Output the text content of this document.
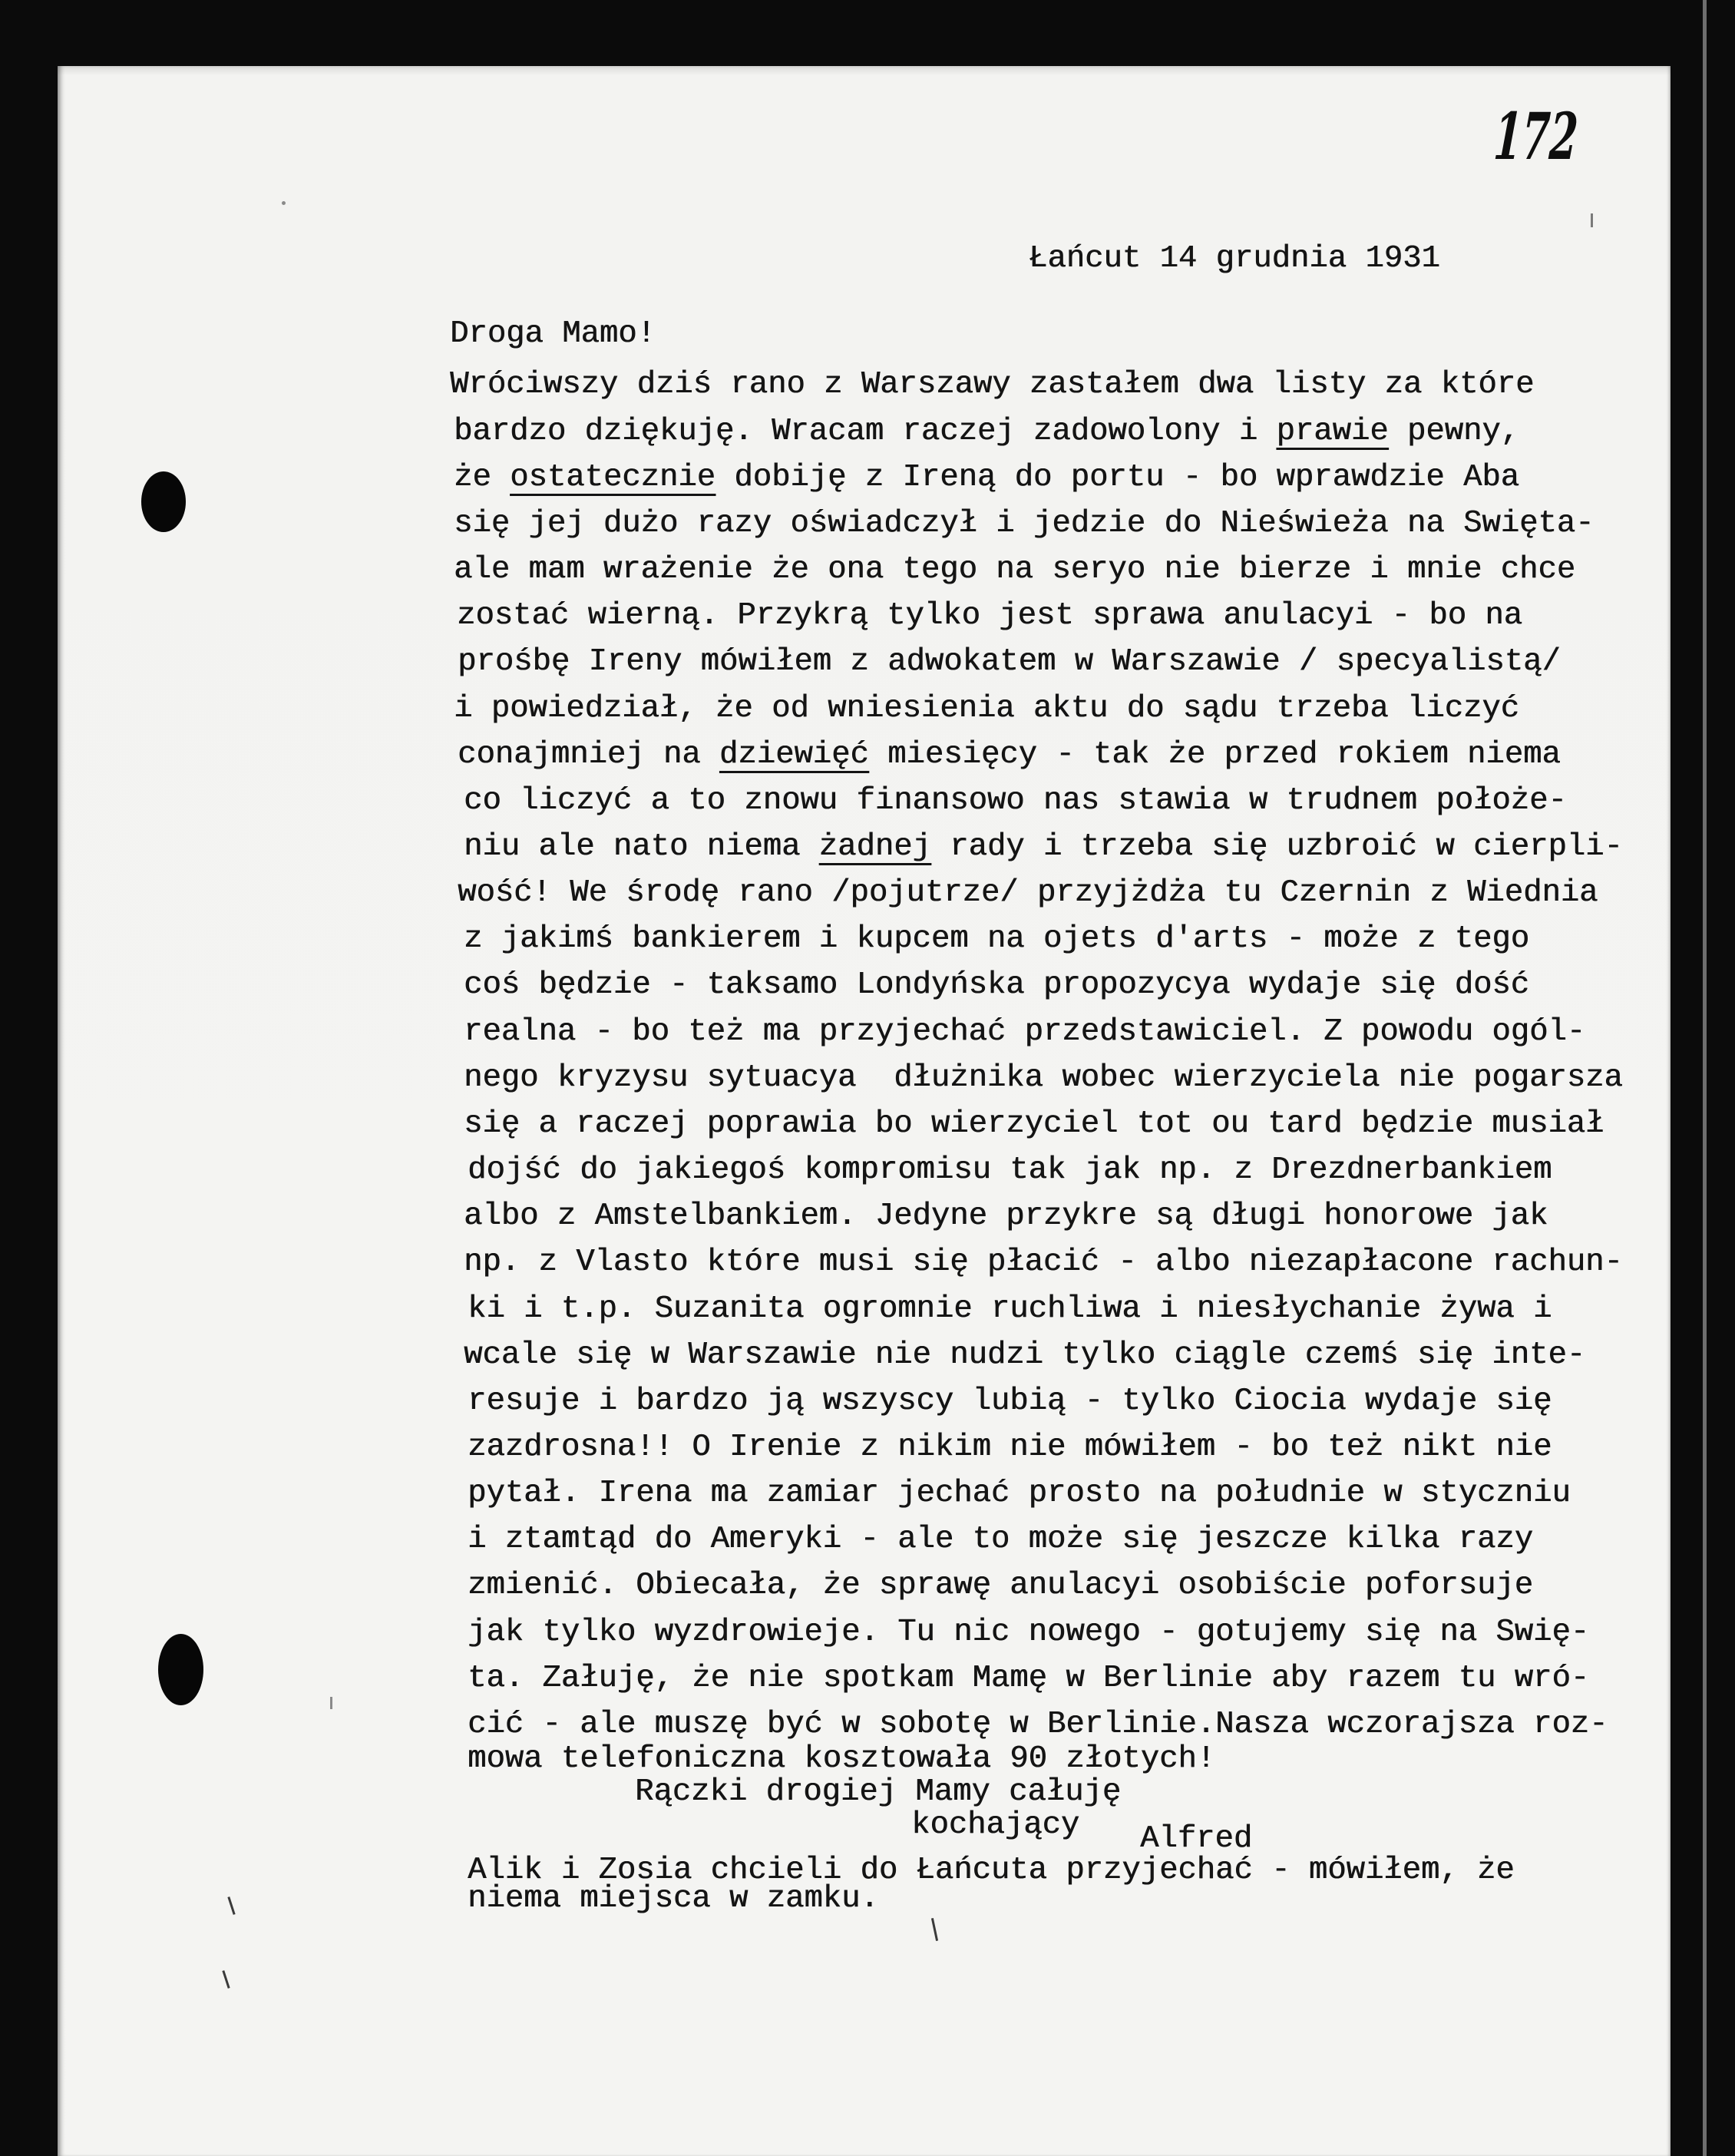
172
Łańcut 14 grudnia 1931
Droga Mamo!
Wróciwszy dziś rano z Warszawy zastałem dwa listy za które
bardzo dziękuję. Wracam raczej zadowolony i prawie pewny,
że ostatecznie dobiję z Ireną do portu - bo wprawdzie Aba
się jej dużo razy oświadczył i jedzie do Nieświeża na Swięta-
ale mam wrażenie że ona tego na seryo nie bierze i mnie chce
zostać wierną. Przykrą tylko jest sprawa anulacyi - bo na
prośbę Ireny mówiłem z adwokatem w Warszawie / specyalistą/
i powiedział, że od wniesienia aktu do sądu trzeba liczyć
conajmniej na dziewięć miesięcy - tak że przed rokiem niema
co liczyć a to znowu finansowo nas stawia w trudnem położe-
niu ale nato niema żadnej rady i trzeba się uzbroić w cierpli-
wość! We środę rano /pojutrze/ przyjżdża tu Czernin z Wiednia
z jakimś bankierem i kupcem na ojets d'arts - może z tego
coś będzie - taksamo Londyńska propozycya wydaje się dość
realna - bo też ma przyjechać przedstawiciel. Z powodu ogól-
nego kryzysu sytuacya  dłużnika wobec wierzyciela nie pogarsza
się a raczej poprawia bo wierzyciel tot ou tard będzie musiał
dojść do jakiegoś kompromisu tak jak np. z Drezdnerbankiem
albo z Amstelbankiem. Jedyne przykre są długi honorowe jak
np. z Vlasto które musi się płacić - albo niezapłacone rachun-
ki i t.p. Suzanita ogromnie ruchliwa i niesłychanie żywa i
wcale się w Warszawie nie nudzi tylko ciągle czemś się inte-
resuje i bardzo ją wszyscy lubią - tylko Ciocia wydaje się
zazdrosna!! O Irenie z nikim nie mówiłem - bo też nikt nie
pytał. Irena ma zamiar jechać prosto na południe w styczniu
i ztamtąd do Ameryki - ale to może się jeszcze kilka razy
zmienić. Obiecała, że sprawę anulacyi osobiście poforsuje
jak tylko wyzdrowieje. Tu nic nowego - gotujemy się na Swię-
ta. Załuję, że nie spotkam Mamę w Berlinie aby razem tu wró-
cić - ale muszę być w sobotę w Berlinie.Nasza wczorajsza roz-
mowa telefoniczna kosztowała 90 złotych!
Rączki drogiej Mamy całuję
kochający Alfred
Alik i Zosia chcieli do Łańcuta przyjechać - mówiłem, że
niema miejsca w zamku.
